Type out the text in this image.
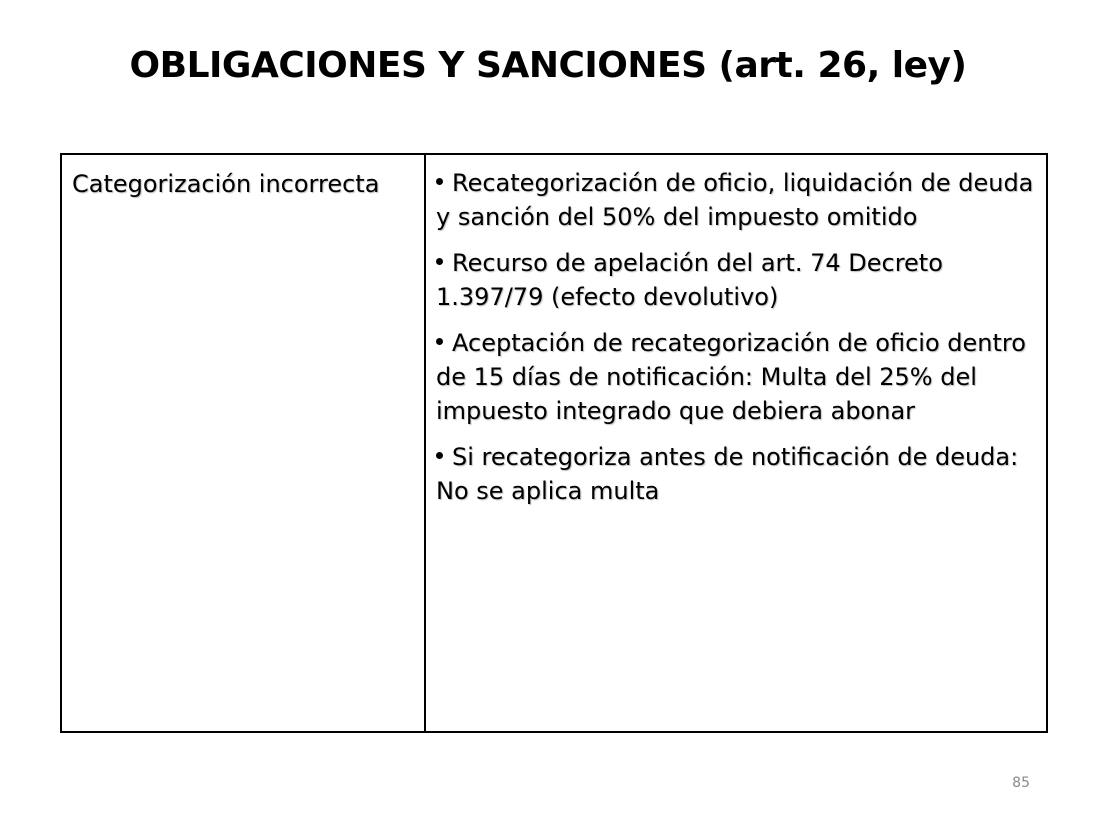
OBLIGACIONES Y SANCIONES (art. 26, ley)
Categorización incorrecta	Recategorización de oficio, liquidación de deuda y sanción del 50% del impuesto omitido
Recurso de apelación del art. 74 Decreto 1.397/79 (efecto devolutivo)
Aceptación de recategorización de oficio dentro de 15 días de notificación: Multa del 25% del impuesto integrado que debiera abonar
Si recategoriza antes de notificación de deuda: No se aplica multa
85
